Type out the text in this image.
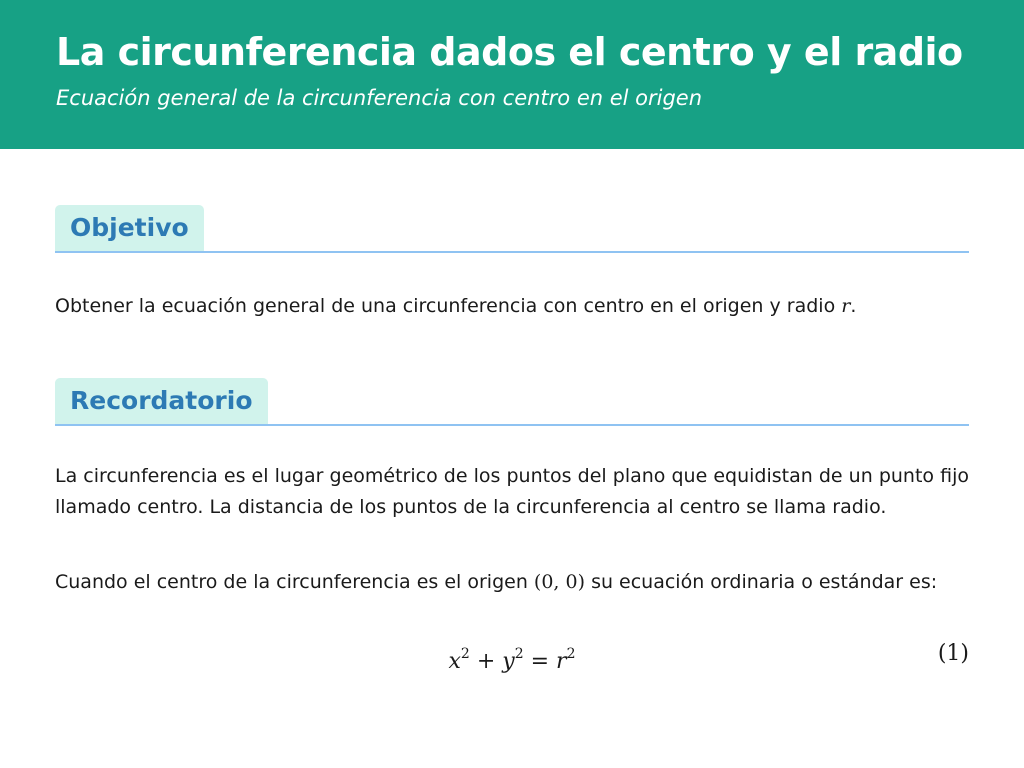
La circunferencia dados el centro y el radio
Ecuación general de la circunferencia con centro en el origen
Objetivo

Obtener la ecuación general de una circunferencia con centro en el origen y radio r.

Recordatorio

La circunferencia es el lugar geométrico de los puntos del plano que equidistan de un punto fijo llamado centro. La distancia de los puntos de la circunferencia al centro se llama radio.

Cuando el centro de la circunferencia es el origen (0, 0) su ecuación ordinaria o estándar es:

$x^2 + y^2 = r^2$	(1)
